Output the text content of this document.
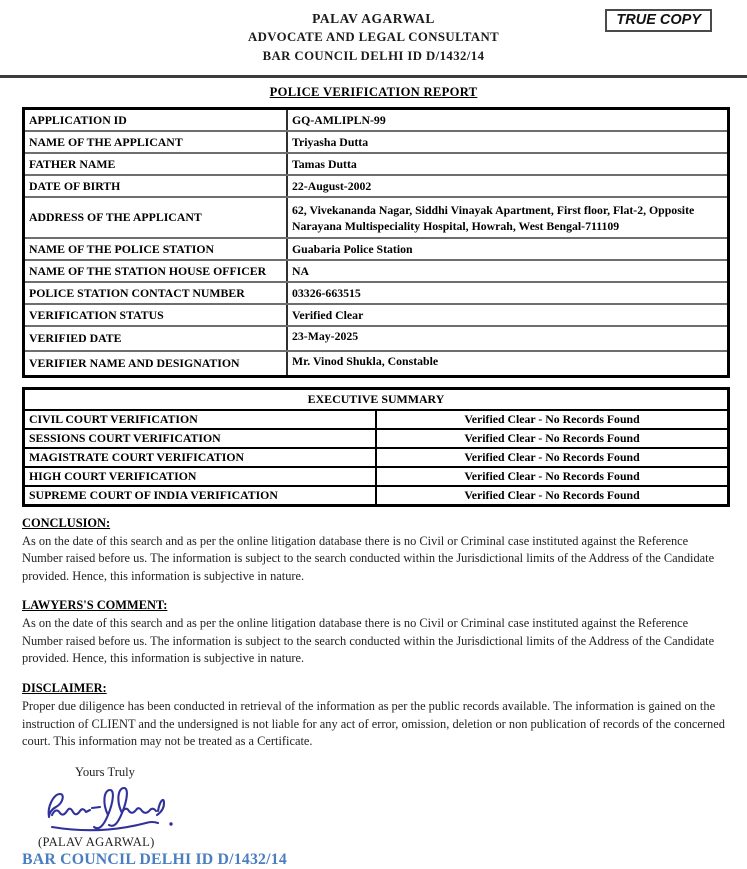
TRUE COPY
PALAV AGARWAL
ADVOCATE AND LEGAL CONSULTANT
BAR COUNCIL DELHI ID D/1432/14
POLICE VERIFICATION REPORT
APPLICATION ID	GQ-AMLIPLN-99
NAME OF THE APPLICANT	Triyasha Dutta
FATHER NAME	Tamas Dutta
DATE OF BIRTH	22-August-2002
ADDRESS OF THE APPLICANT	62, Vivekananda Nagar, Siddhi Vinayak Apartment, First floor, Flat-2, Opposite Narayana Multispeciality Hospital, Howrah, West Bengal-711109
NAME OF THE POLICE STATION	Guabaria Police Station
NAME OF THE STATION HOUSE OFFICER	NA
POLICE STATION CONTACT NUMBER	03326-663515
VERIFICATION STATUS	Verified Clear
VERIFIED DATE	23-May-2025
VERIFIER NAME AND DESIGNATION	Mr. Vinod Shukla, Constable
EXECUTIVE SUMMARY	
CIVIL COURT VERIFICATION	Verified Clear - No Records Found
SESSIONS COURT VERIFICATION	Verified Clear - No Records Found
MAGISTRATE COURT VERIFICATION	Verified Clear - No Records Found
HIGH COURT VERIFICATION	Verified Clear - No Records Found
SUPREME COURT OF INDIA VERIFICATION	Verified Clear - No Records Found
CONCLUSION:

As on the date of this search and as per the online litigation database there is no Civil or Criminal case instituted against the Reference Number raised before us. The information is subject to the search conducted within the Jurisdictional limits of the Address of the Candidate provided. Hence, this information is subjective in nature.

LAWYERS'S COMMENT:

As on the date of this search and as per the online litigation database there is no Civil or Criminal case instituted against the Reference Number raised before us. The information is subject to the search conducted within the Jurisdictional limits of the Address of the Candidate provided. Hence, this information is subjective in nature.

DISCLAIMER:

Proper due diligence has been conducted in retrieval of the information as per the public records available. The information is gained on the instruction of CLIENT and the undersigned is not liable for any act of error, omission, deletion or non publication of records of the concerned court. This information may not be treated as a Certificate.

Yours Truly
(PALAV AGARWAL)
BAR COUNCIL DELHI ID D/1432/14
